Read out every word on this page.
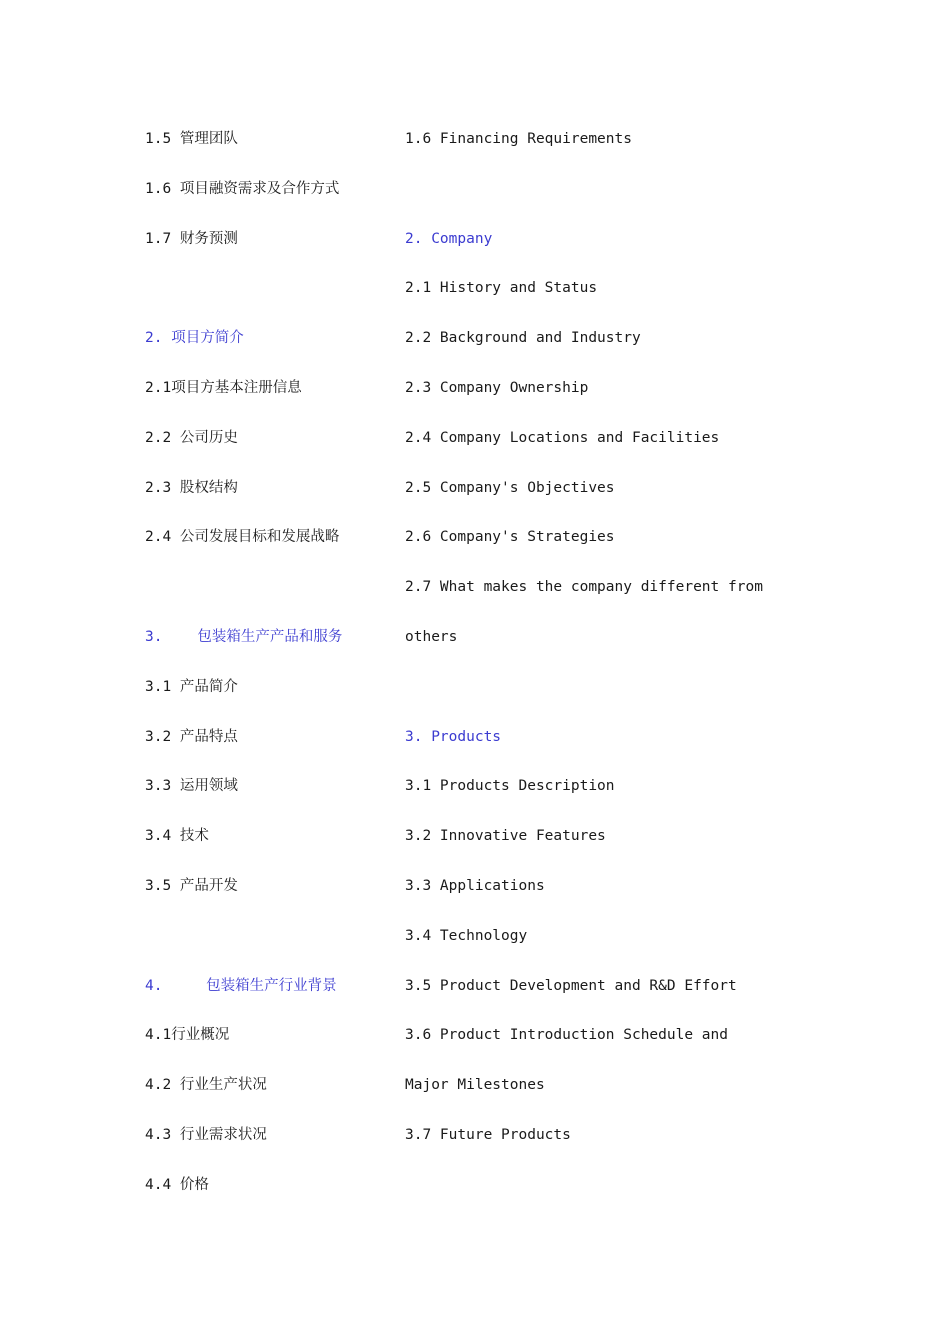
1.5 管理团队
1.6 项目融资需求及合作方式
1.7 财务预测
2. 项目方简介
2.1项目方基本注册信息
2.2 公司历史
2.3 股权结构
2.4 公司发展目标和发展战略
3.    包装箱生产产品和服务
3.1 产品简介
3.2 产品特点
3.3 运用领域
3.4 技术
3.5 产品开发
4.     包装箱生产行业背景
4.1行业概况
4.2 行业生产状况
4.3 行业需求状况
4.4 价格
1.6 Financing Requirements
2. Company
2.1 History and Status
2.2 Background and Industry
2.3 Company Ownership
2.4 Company Locations and Facilities
2.5 Company's Objectives
2.6 Company's Strategies
2.7 What makes the company different from
others
3. Products
3.1 Products Description
3.2 Innovative Features
3.3 Applications
3.4 Technology
3.5 Product Development and R&D Effort
3.6 Product Introduction Schedule and
Major Milestones
3.7 Future Products
